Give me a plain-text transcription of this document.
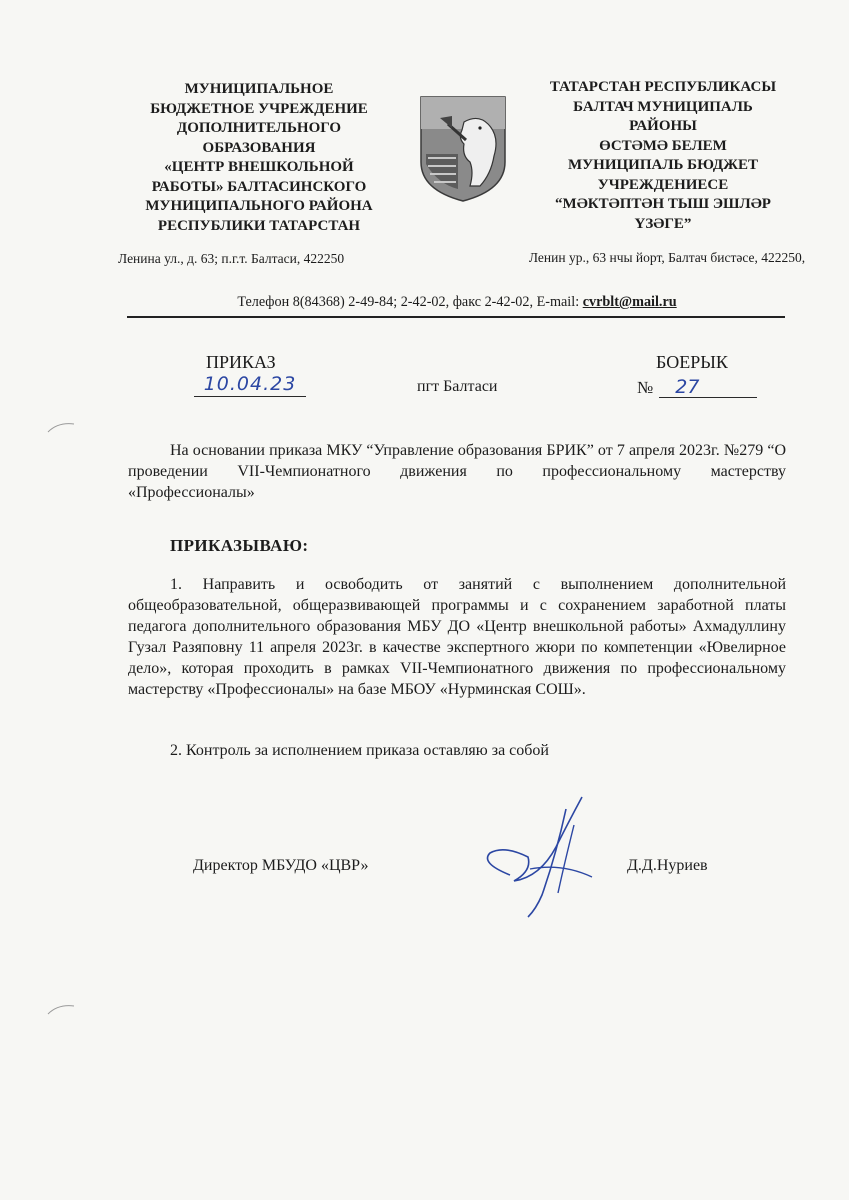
МУНИЦИПАЛЬНОЕ
БЮДЖЕТНОЕ УЧРЕЖДЕНИЕ
ДОПОЛНИТЕЛЬНОГО
ОБРАЗОВАНИЯ
«ЦЕНТР ВНЕШКОЛЬНОЙ
РАБОТЫ» БАЛТАСИНСКОГО
МУНИЦИПАЛЬНОГО РАЙОНА
РЕСПУБЛИКИ ТАТАРСТАН
ТАТАРСТАН РЕСПУБЛИКАСЫ
БАЛТАЧ МУНИЦИПАЛЬ
РАЙОНЫ
ӨСТӘМӘ БЕЛЕМ
МУНИЦИПАЛЬ БЮДЖЕТ
УЧРЕЖДЕНИЕСЕ
“МӘКТӘПТӘН ТЫШ ЭШЛӘР
ҮЗӘГЕ”
Ленина ул., д. 63; п.г.т. Балтаси, 422250	Ленин ур., 63 нчы йорт, Балтач бистәсе, 422250,
Телефон 8(84368) 2-49-84; 2-42-02, факс 2-42-02, E-mail: cvrblt@mail.ru
ПРИКАЗ	БОЕРЫК
10.04.23	пгт Балтаси	№ 27
На основании приказа МКУ “Управление образования БРИК” от 7 апреля 2023г. №279 “О проведении VII-Чемпионатного движения по профессиональному мастерству «Профессионалы»
ПРИКАЗЫВАЮ:
1. Направить и освободить от занятий с выполнением дополнительной общеобразовательной, общеразвивающей программы и с сохранением заработной платы педагога дополнительного образования МБУ ДО «Центр внешкольной работы» Ахмадуллину Гузал Разяповну 11 апреля 2023г. в качестве экспертного жюри по компетенции «Ювелирное дело», которая проходить в рамках VII-Чемпионатного движения по профессиональному мастерству «Профессионалы» на базе МБОУ «Нурминская СОШ».
2. Контроль за исполнением приказа оставляю за собой
Директор МБУДО «ЦВР»	Д.Д.Нуриев
